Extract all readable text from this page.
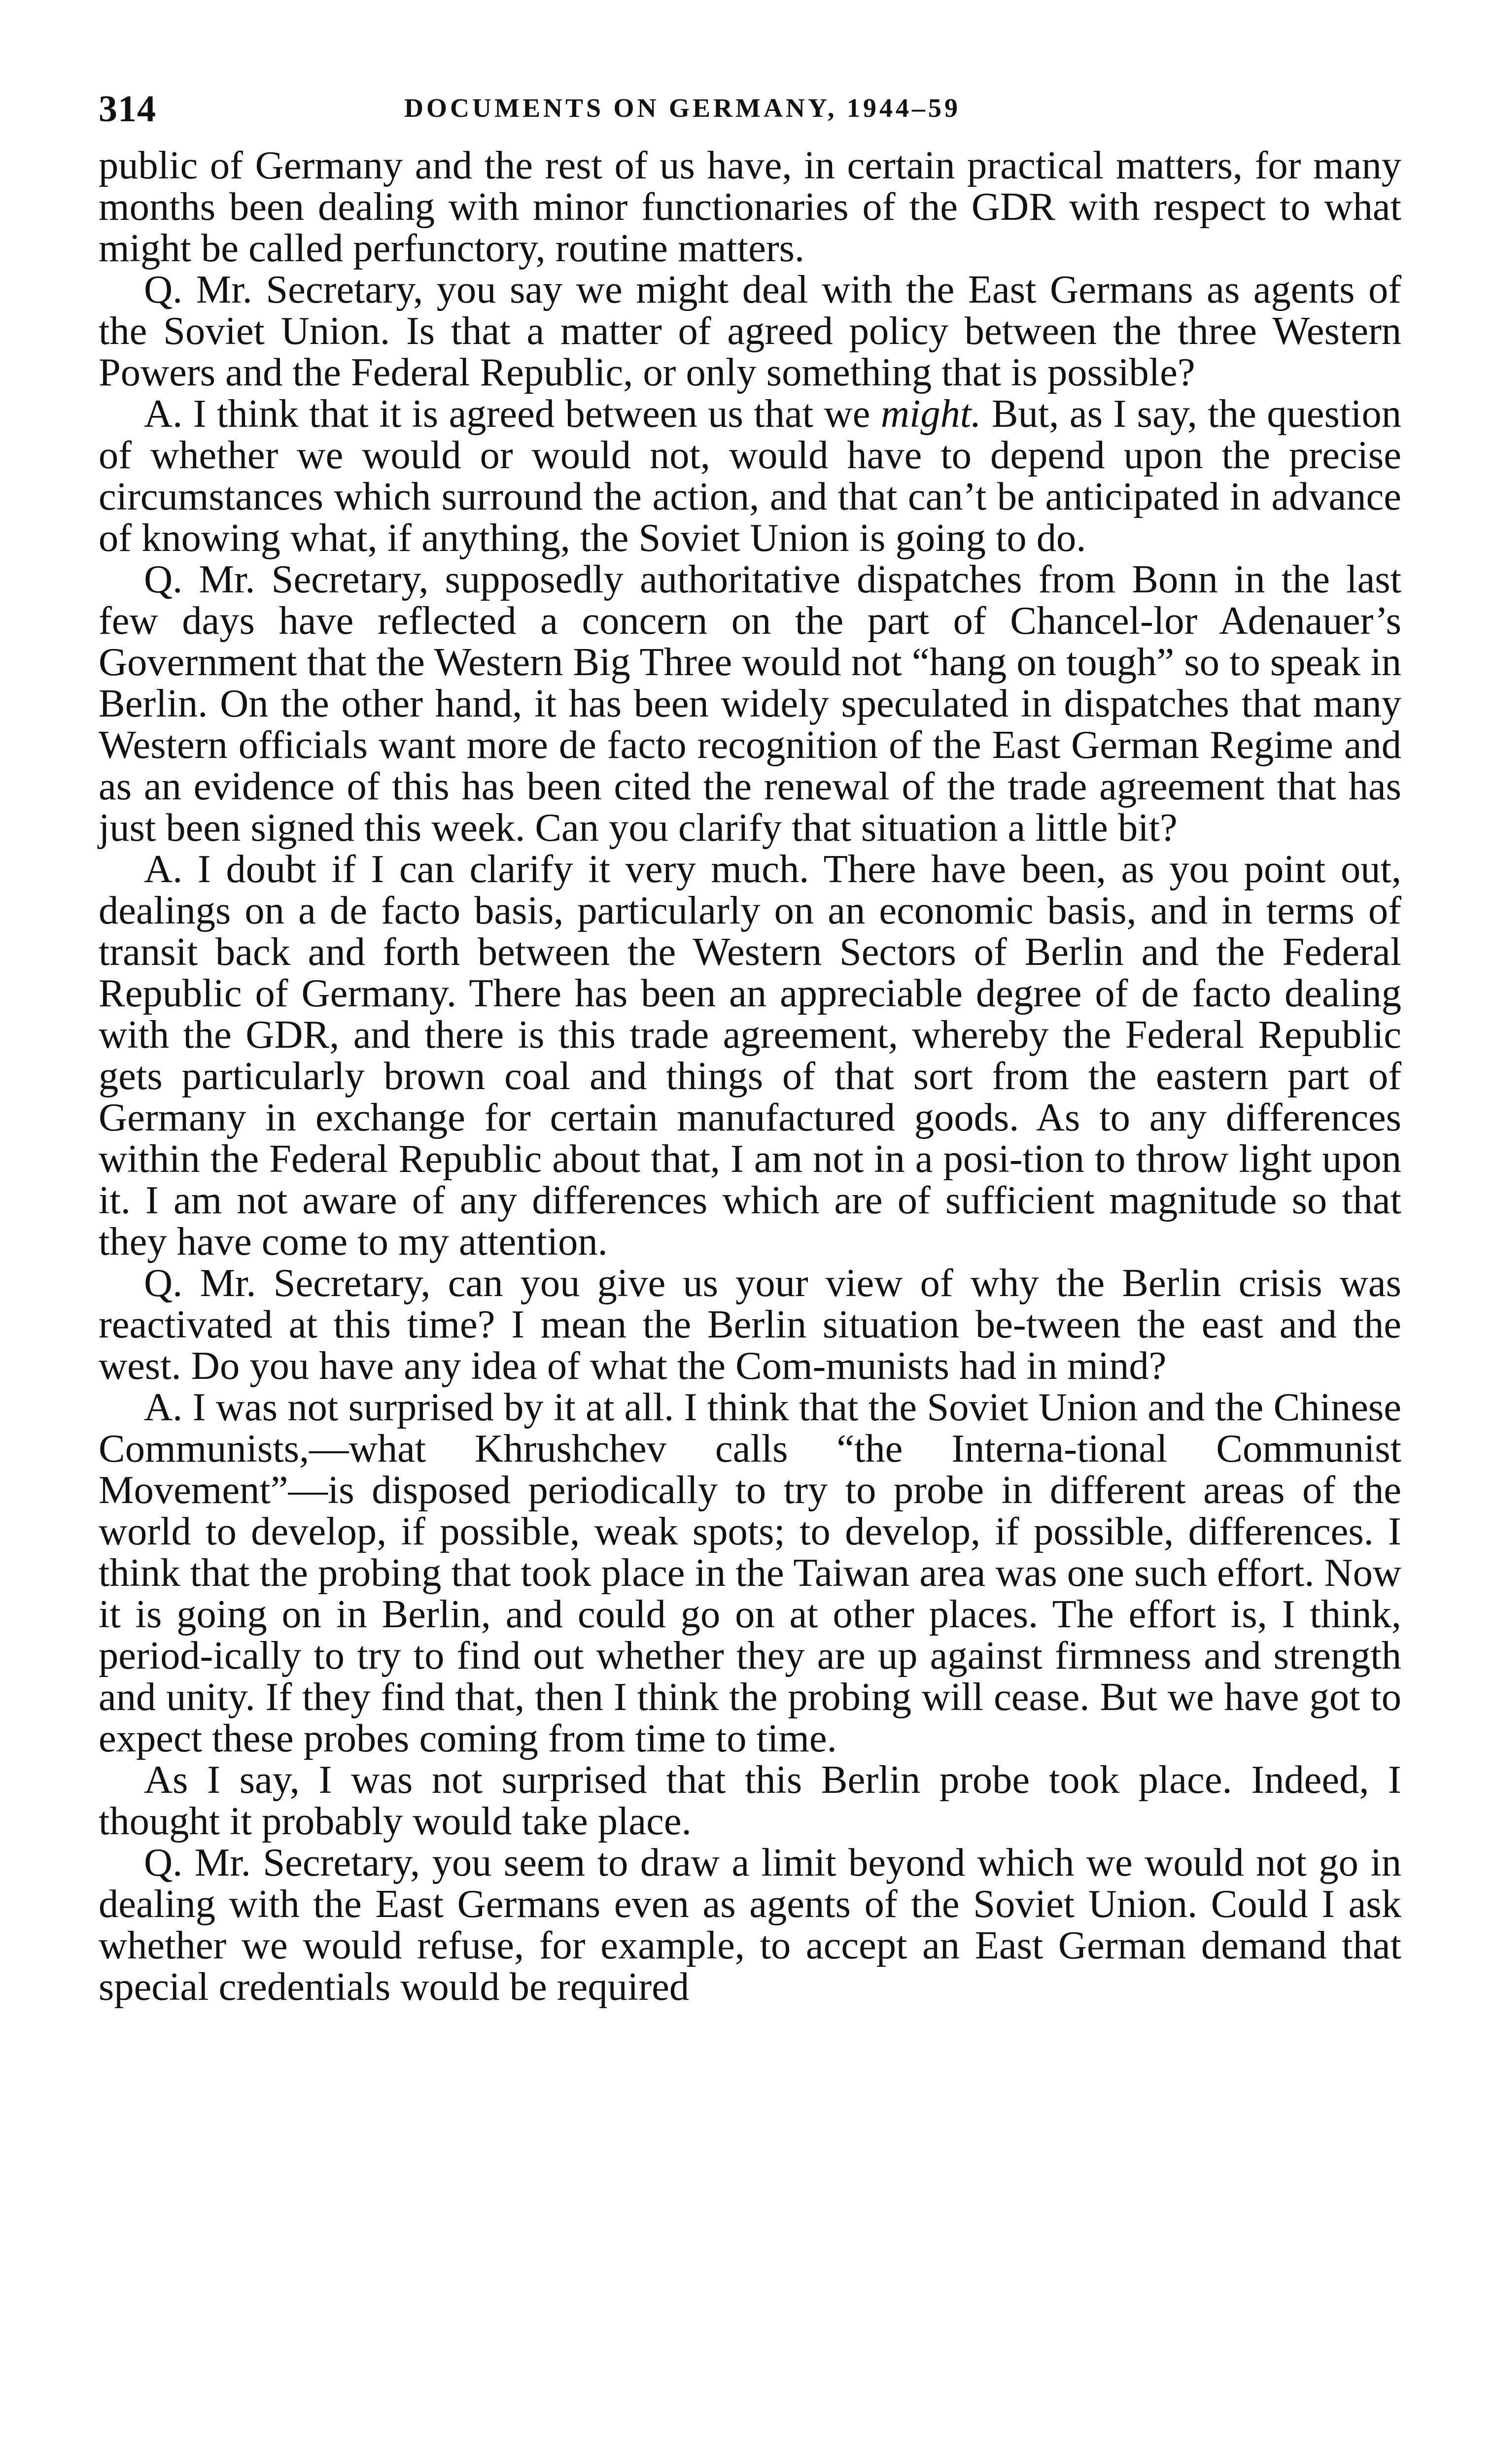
314	DOCUMENTS ON GERMANY, 1944–59

public of Germany and the rest of us have, in certain practical matters, for many months been dealing with minor functionaries of the GDR with respect to what might be called perfunctory, routine matters.

Q. Mr. Secretary, you say we might deal with the East Germans as agents of the Soviet Union. Is that a matter of agreed policy between the three Western Powers and the Federal Republic, or only something that is possible?

A. I think that it is agreed between us that we might. But, as I say, the question of whether we would or would not, would have to depend upon the precise circumstances which surround the action, and that can’t be anticipated in advance of knowing what, if anything, the Soviet Union is going to do.

Q. Mr. Secretary, supposedly authoritative dispatches from Bonn in the last few days have reflected a concern on the part of Chancel-lor Adenauer’s Government that the Western Big Three would not “hang on tough” so to speak in Berlin. On the other hand, it has been widely speculated in dispatches that many Western officials want more de facto recognition of the East German Regime and as an evidence of this has been cited the renewal of the trade agreement that has just been signed this week. Can you clarify that situation a little bit?

A. I doubt if I can clarify it very much. There have been, as you point out, dealings on a de facto basis, particularly on an economic basis, and in terms of transit back and forth between the Western Sectors of Berlin and the Federal Republic of Germany. There has been an appreciable degree of de facto dealing with the GDR, and there is this trade agreement, whereby the Federal Republic gets particularly brown coal and things of that sort from the eastern part of Germany in exchange for certain manufactured goods. As to any differences within the Federal Republic about that, I am not in a posi-tion to throw light upon it. I am not aware of any differences which are of sufficient magnitude so that they have come to my attention.

Q. Mr. Secretary, can you give us your view of why the Berlin crisis was reactivated at this time? I mean the Berlin situation be-tween the east and the west. Do you have any idea of what the Com-munists had in mind?

A. I was not surprised by it at all. I think that the Soviet Union and the Chinese Communists,—what Khrushchev calls “the Interna-tional Communist Movement”—is disposed periodically to try to probe in different areas of the world to develop, if possible, weak spots; to develop, if possible, differences. I think that the probing that took place in the Taiwan area was one such effort. Now it is going on in Berlin, and could go on at other places. The effort is, I think, period-ically to try to find out whether they are up against firmness and strength and unity. If they find that, then I think the probing will cease. But we have got to expect these probes coming from time to time.

As I say, I was not surprised that this Berlin probe took place. Indeed, I thought it probably would take place.

Q. Mr. Secretary, you seem to draw a limit beyond which we would not go in dealing with the East Germans even as agents of the Soviet Union. Could I ask whether we would refuse, for example, to accept an East German demand that special credentials would be required
